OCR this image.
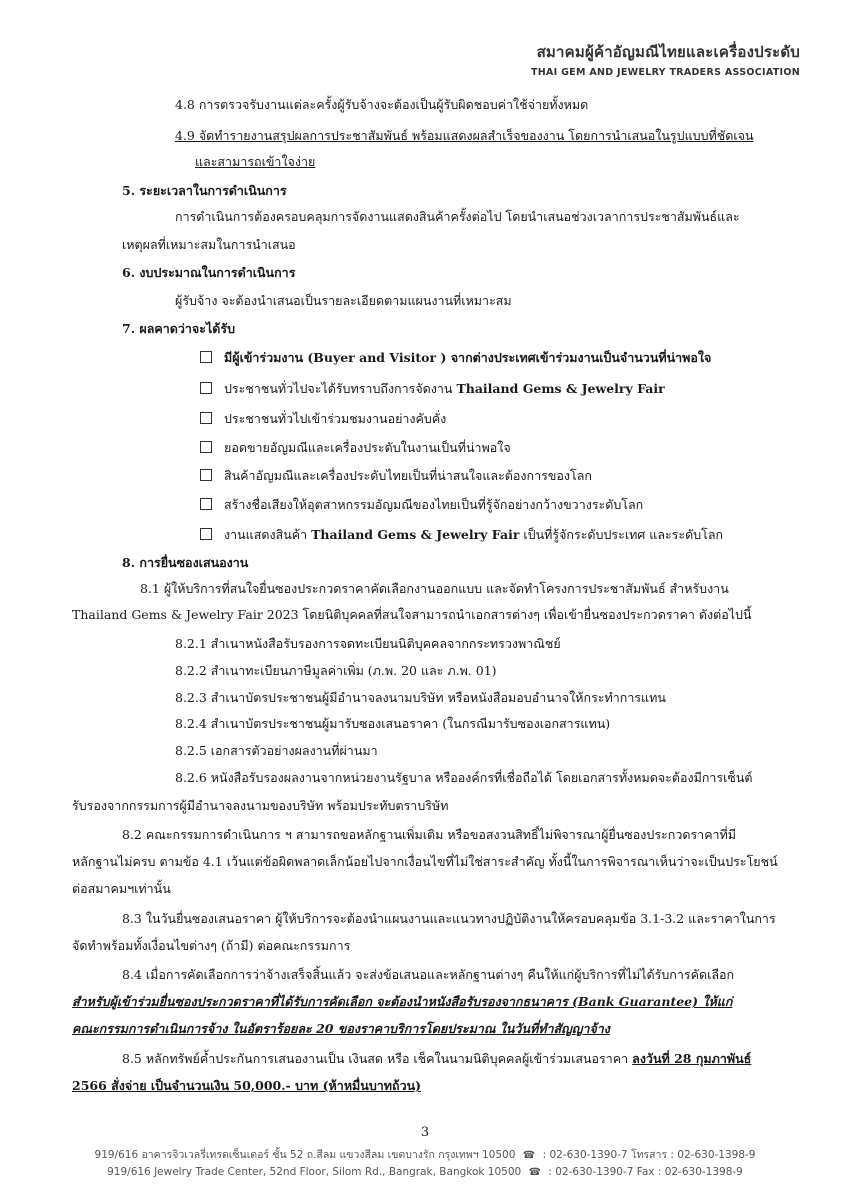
สมาคมผู้ค้าอัญมณีไทยและเครื่องประดับ
THAI GEM AND JEWELRY TRADERS ASSOCIATION
4.8 การตรวจรับงานแต่ละครั้งผู้รับจ้างจะต้องเป็นผู้รับผิดชอบค่าใช้จ่ายทั้งหมด
4.9 จัดทำรายงานสรุปผลการประชาสัมพันธ์ พร้อมแสดงผลสำเร็จของงาน โดยการนำเสนอในรูปแบบที่ชัดเจน
และสามารถเข้าใจง่าย
5. ระยะเวลาในการดำเนินการ
การดำเนินการต้องครอบคลุมการจัดงานแสดงสินค้าครั้งต่อไป โดยนำเสนอช่วงเวลาการประชาสัมพันธ์และ
เหตุผลที่เหมาะสมในการนำเสนอ
6. งบประมาณในการดำเนินการ
ผู้รับจ้าง จะต้องนำเสนอเป็นรายละเอียดตามแผนงานที่เหมาะสม
7. ผลคาดว่าจะได้รับ
มีผู้เข้าร่วมงาน (Buyer and Visitor ) จากต่างประเทศเข้าร่วมงานเป็นจำนวนที่น่าพอใจ
ประชาชนทั่วไปจะได้รับทราบถึงการจัดงาน Thailand Gems & Jewelry Fair
ประชาชนทั่วไปเข้าร่วมชมงานอย่างคับคั่ง
ยอดขายอัญมณีและเครื่องประดับในงานเป็นที่น่าพอใจ
สินค้าอัญมณีและเครื่องประดับไทยเป็นที่น่าสนใจและต้องการของโลก
สร้างชื่อเสียงให้อุตสาหกรรมอัญมณีของไทยเป็นที่รู้จักอย่างกว้างขวางระดับโลก
งานแสดงสินค้า Thailand Gems & Jewelry Fair เป็นที่รู้จักระดับประเทศ และระดับโลก
8. การยื่นซองเสนองาน
8.1 ผู้ให้บริการที่สนใจยื่นซองประกวดราคาคัดเลือกงานออกแบบ และจัดทำโครงการประชาสัมพันธ์ สำหรับงาน
Thailand Gems & Jewelry Fair 2023 โดยนิติบุคคลที่สนใจสามารถนำเอกสารต่างๆ เพื่อเข้ายื่นซองประกวดราคา ดังต่อไปนี้
8.2.1 สำเนาหนังสือรับรองการจดทะเบียนนิติบุคคลจากกระทรวงพาณิชย์
8.2.2 สำเนาทะเบียนภาษีมูลค่าเพิ่ม (ภ.พ. 20 และ ภ.พ. 01)
8.2.3 สำเนาบัตรประชาชนผู้มีอำนาจลงนามบริษัท หรือหนังสือมอบอำนาจให้กระทำการแทน
8.2.4 สำเนาบัตรประชาชนผู้มารับซองเสนอราคา (ในกรณีมารับซองเอกสารแทน)
8.2.5 เอกสารตัวอย่างผลงานที่ผ่านมา
8.2.6 หนังสือรับรองผลงานจากหน่วยงานรัฐบาล หรือองค์กรที่เชื่อถือได้ โดยเอกสารทั้งหมดจะต้องมีการเซ็นต์
รับรองจากกรรมการผู้มีอำนาจลงนามของบริษัท พร้อมประทับตราบริษัท
8.2 คณะกรรมการดำเนินการ ฯ สามารถขอหลักฐานเพิ่มเติม หรือขอสงวนสิทธิ์ไม่พิจารณาผู้ยื่นซองประกวดราคาที่มี
หลักฐานไม่ครบ ตามข้อ 4.1 เว้นแต่ข้อผิดพลาดเล็กน้อยไปจากเงื่อนไขที่ไม่ใช่สาระสำคัญ ทั้งนี้ในการพิจารณาเห็นว่าจะเป็นประโยชน์
ต่อสมาคมฯเท่านั้น
8.3 ในวันยื่นซองเสนอราคา ผู้ให้บริการจะต้องนำแผนงานและแนวทางปฏิบัติงานให้ครอบคลุมข้อ 3.1-3.2 และราคาในการ
จัดทำพร้อมทั้งเงื่อนไขต่างๆ (ถ้ามี) ต่อคณะกรรมการ
8.4 เมื่อการคัดเลือกการว่าจ้างเสร็จสิ้นแล้ว จะส่งข้อเสนอและหลักฐานต่างๆ คืนให้แก่ผู้บริการที่ไม่ได้รับการคัดเลือก
สำหรับผู้เข้าร่วมยื่นซองประกวดราคาที่ได้รับการคัดเลือก จะต้องนำหนังสือรับรองจากธนาคาร (Bank Guarantee) ให้แก่
คณะกรรมการดำเนินการจ้าง ในอัตราร้อยละ 20 ของราคาบริการโดยประมาณ ในวันที่ทำสัญญาจ้าง
8.5 หลักทรัพย์ค้ำประกันการเสนองานเป็น เงินสด หรือ เช็คในนามนิติบุคคลผู้เข้าร่วมเสนอราคา ลงวันที่ 28 กุมภาพันธ์
2566 สั่งจ่าย เป็นจำนวนเงิน 50,000.- บาท (ห้าหมื่นบาทถ้วน)
3
919/616 อาคารจิวเวลรี่เทรดเซ็นเตอร์ ชั้น 52 ถ.สีลม แขวงสีลม เขตบางรัก กรุงเทพฯ 10500 ☎ : 02-630-1390-7 โทรสาร : 02-630-1398-9
919/616 Jewelry Trade Center, 52nd Floor, Silom Rd., Bangrak, Bangkok 10500 ☎ : 02-630-1390-7 Fax : 02-630-1398-9
